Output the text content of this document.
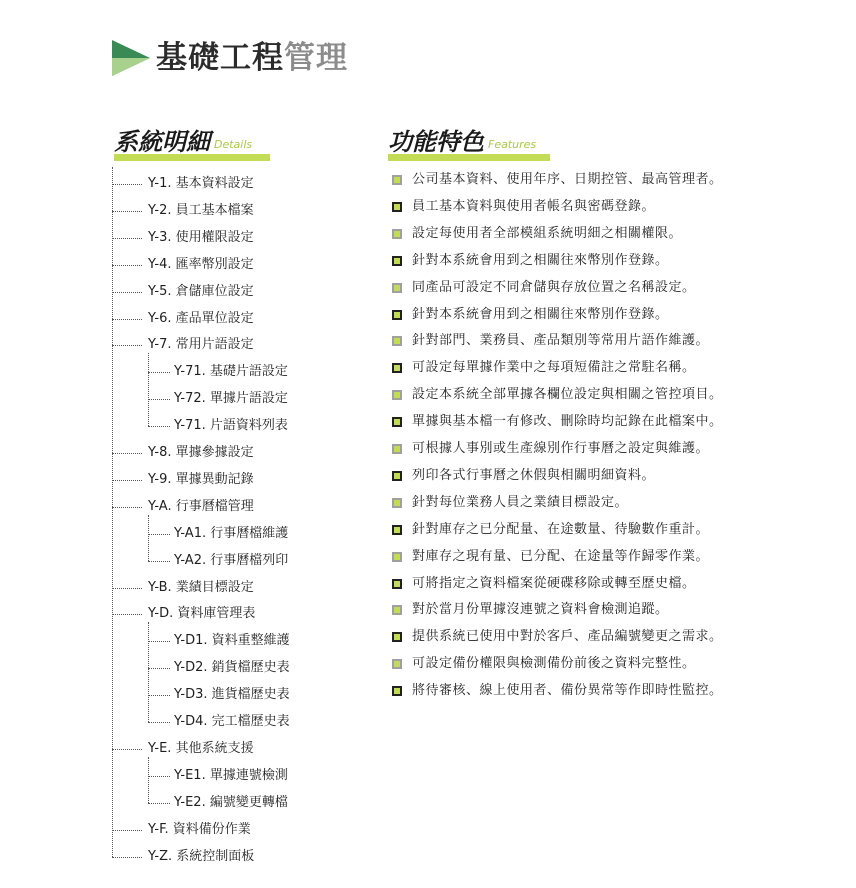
基礎工程管理
系統明細 Details	功能特色 Features
Y-1. 基本資料設定
Y-2. 員工基本檔案
Y-3. 使用權限設定
Y-4. 匯率幣別設定
Y-5. 倉儲庫位設定
Y-6. 產品單位設定
Y-7. 常用片語設定
Y-71. 基礎片語設定
Y-72. 單據片語設定
Y-71. 片語資料列表
Y-8. 單據參據設定
Y-9. 單據異動記錄
Y-A. 行事曆檔管理
Y-A1. 行事曆檔維護
Y-A2. 行事曆檔列印
Y-B. 業績目標設定
Y-D. 資料庫管理表
Y-D1. 資料重整維護
Y-D2. 銷貨檔歷史表
Y-D3. 進貨檔歷史表
Y-D4. 完工檔歷史表
Y-E. 其他系統支援
Y-E1. 單據連號檢測
Y-E2. 編號變更轉檔
Y-F. 資料備份作業
Y-Z. 系統控制面板
公司基本資料、使用年序、日期控管、最高管理者。
員工基本資料與使用者帳名與密碼登錄。
設定每使用者全部模組系統明細之相關權限。
針對本系統會用到之相關往來幣別作登錄。
同產品可設定不同倉儲與存放位置之名稱設定。
針對本系統會用到之相關往來幣別作登錄。
針對部門、業務員、產品類別等常用片語作維護。
可設定每單據作業中之每項短備註之常駐名稱。
設定本系統全部單據各欄位設定與相關之管控項目。
單據與基本檔一有修改、刪除時均記錄在此檔案中。
可根據人事別或生產線別作行事曆之設定與維護。
列印各式行事曆之休假與相關明細資料。
針對每位業務人員之業績目標設定。
針對庫存之已分配量、在途數量、待驗數作重計。
對庫存之現有量、已分配、在途量等作歸零作業。
可將指定之資料檔案從硬碟移除或轉至歷史檔。
對於當月份單據沒連號之資料會檢測追蹤。
提供系統已使用中對於客戶、產品編號變更之需求。
可設定備份權限與檢測備份前後之資料完整性。
將待審核、線上使用者、備份異常等作即時性監控。
